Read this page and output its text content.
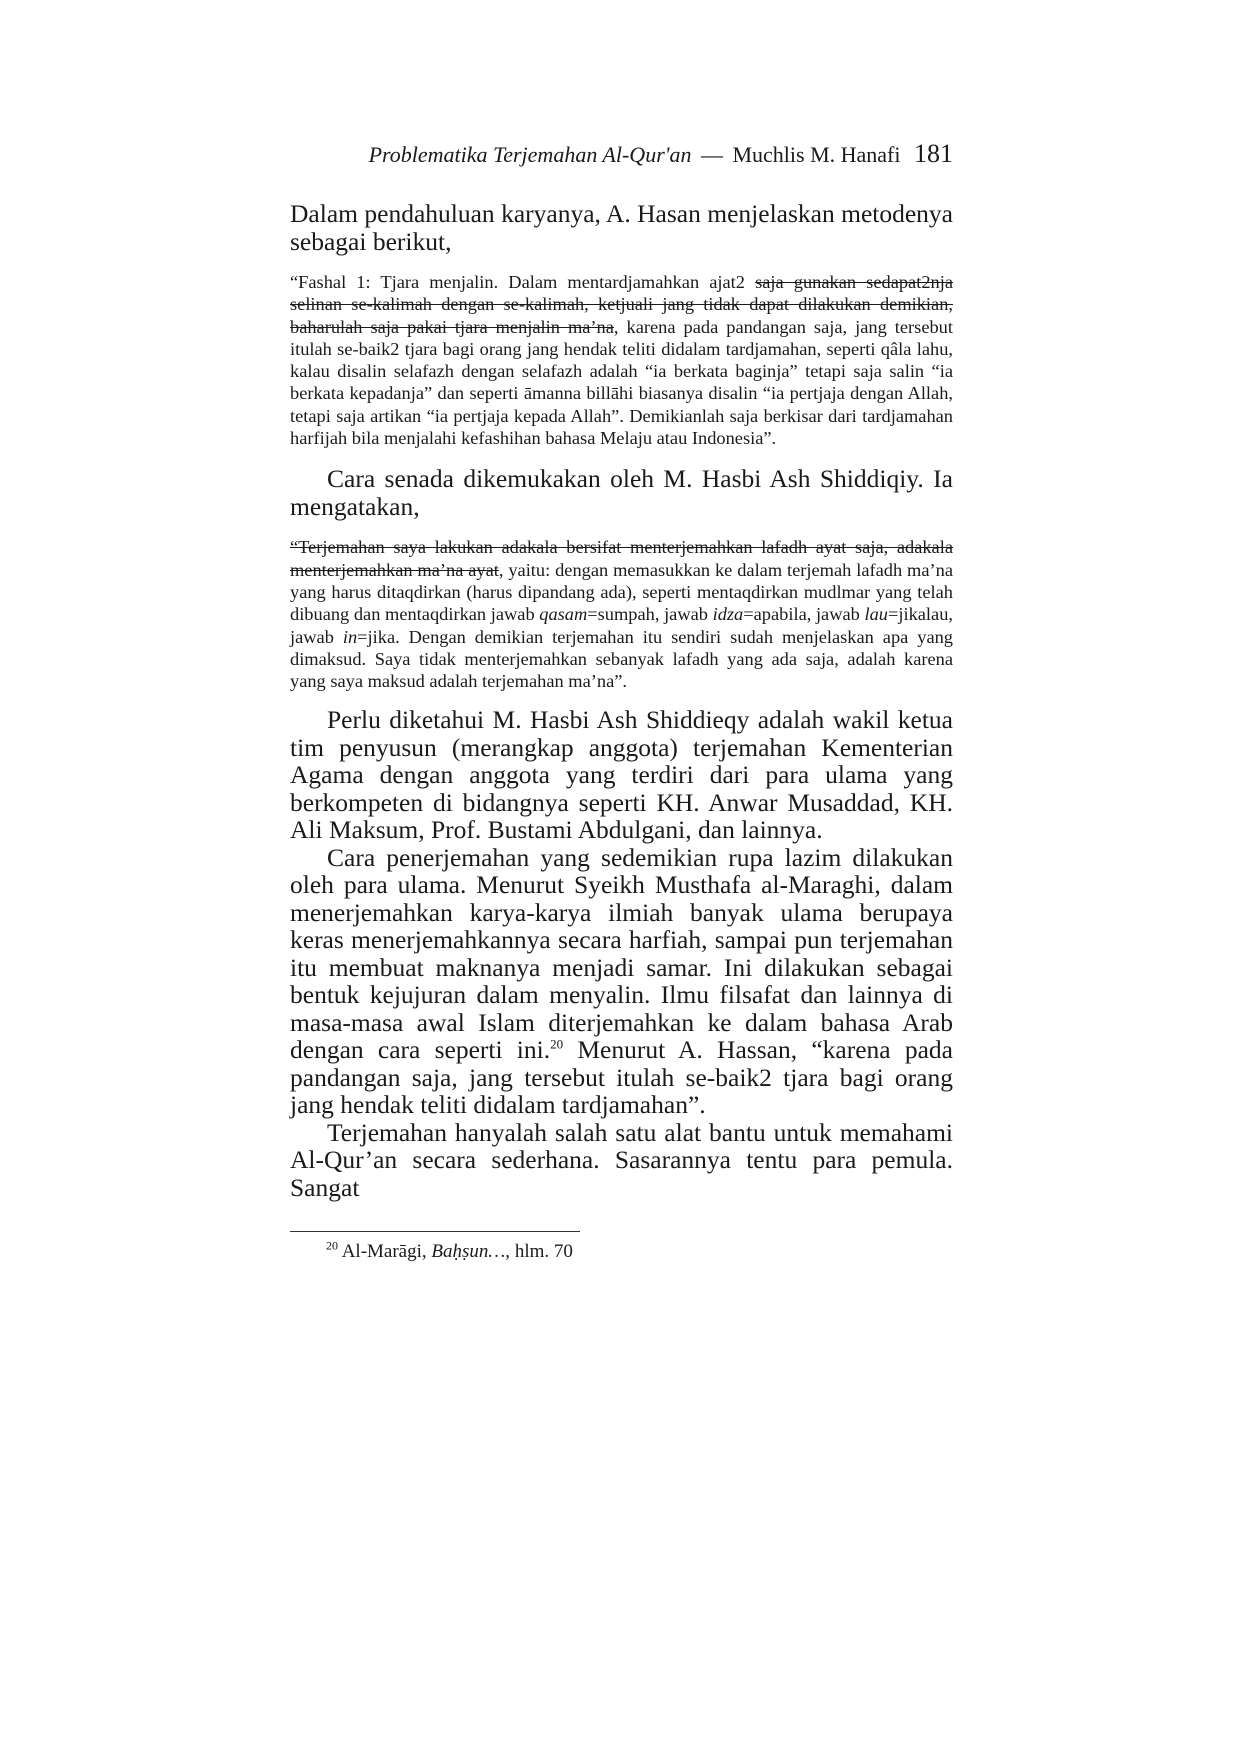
Problematika Terjemahan Al-Qur'an — Muchlis M. Hanafi 181

Dalam pendahuluan karyanya, A. Hasan menjelaskan metodenya sebagai berikut,

“Fashal 1: Tjara menjalin. Dalam mentardjamahkan ajat2 saja gunakan sedapat2nja selinan se-kalimah dengan se-kalimah, ketjuali jang tidak dapat dilakukan demikian, baharulah saja pakai tjara menjalin ma’na, karena pada pandangan saja, jang tersebut itulah se-baik2 tjara bagi orang jang hendak teliti didalam tardjamahan, seperti qâla lahu, kalau disalin selafazh dengan selafazh adalah “ia berkata baginja” tetapi saja salin “ia berkata kepadanja” dan seperti āmanna billāhi biasanya disalin “ia pertjaja dengan Allah, tetapi saja artikan “ia pertjaja kepada Allah”. Demikianlah saja berkisar dari tardjamahan harfijah bila menjalahi kefashihan bahasa Melaju atau Indonesia”.

Cara senada dikemukakan oleh M. Hasbi Ash Shiddiqiy. Ia mengatakan,

“Terjemahan saya lakukan adakala bersifat menterjemahkan lafadh ayat saja, adakala menterjemahkan ma’na ayat, yaitu: dengan memasukkan ke dalam terjemah lafadh ma’na yang harus ditaqdirkan (harus dipandang ada), seperti mentaqdirkan mudlmar yang telah dibuang dan mentaqdirkan jawab qasam=sumpah, jawab idza=apabila, jawab lau=jikalau, jawab in=jika. Dengan demikian terjemahan itu sendiri sudah menjelaskan apa yang dimaksud. Saya tidak menterjemahkan sebanyak lafadh yang ada saja, adalah karena yang saya maksud adalah terjemahan ma’na”.

Perlu diketahui M. Hasbi Ash Shiddieqy adalah wakil ketua tim penyusun (merangkap anggota) terjemahan Kementerian Agama dengan anggota yang terdiri dari para ulama yang berkompeten di bidangnya seperti KH. Anwar Musaddad, KH. Ali Maksum, Prof. Bustami Abdulgani, dan lainnya.

Cara penerjemahan yang sedemikian rupa lazim dilakukan oleh para ulama. Menurut Syeikh Musthafa al-Maraghi, dalam menerjemahkan karya-karya ilmiah banyak ulama berupaya keras menerjemahkannya secara harfiah, sampai pun terjemahan itu membuat maknanya menjadi samar. Ini dilakukan sebagai bentuk kejujuran dalam menyalin. Ilmu filsafat dan lainnya di masa-masa awal Islam diterjemahkan ke dalam bahasa Arab dengan cara seperti ini.$^{20}$ Menurut A. Hassan, “karena pada pandangan saja, jang tersebut itulah se-baik2 tjara bagi orang jang hendak teliti didalam tardjamahan”.

Terjemahan hanyalah salah satu alat bantu untuk memahami Al-Qur’an secara sederhana. Sasarannya tentu para pemula. Sangat

$^{20}$ Al-Marāgi, Baḥṣun…, hlm. 70
